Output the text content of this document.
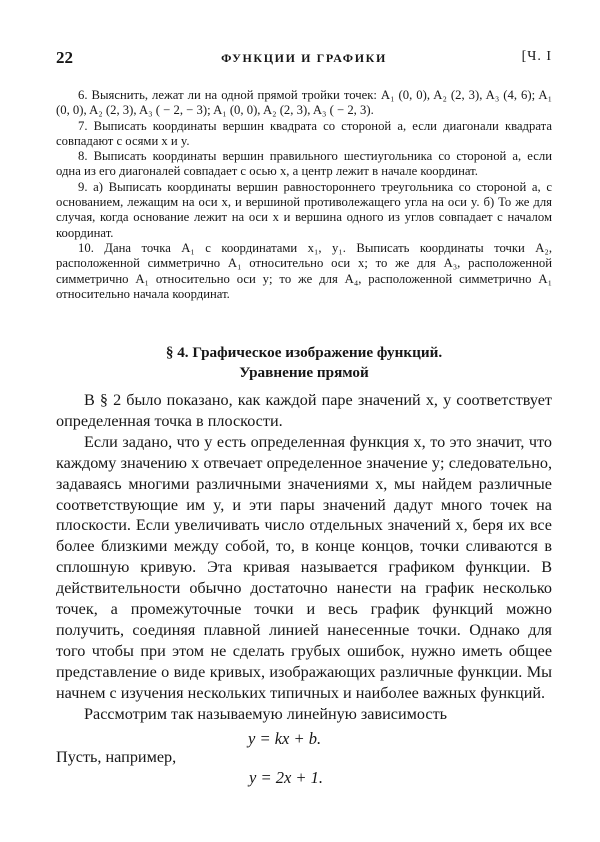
22	ФУНКЦИИ И ГРАФИКИ	[Ч. I

6. Выяснить, лежат ли на одной прямой тройки точек: A₁ (0, 0), A₂ (2, 3), A₃ (4, 6); A₁ (0, 0), A₂ (2, 3), A₃ ( − 2, − 3); A₁ (0, 0), A₂ (2, 3), A₃ ( − 2, 3).

7. Выписать координаты вершин квадрата со стороной a, если диагонали квадрата совпадают с осями x и y.

8. Выписать координаты вершин правильного шестиугольника со стороной a, если одна из его диагоналей совпадает с осью x, а центр лежит в начале координат.

9. а) Выписать координаты вершин равностороннего треугольника со стороной a, с основанием, лежащим на оси x, и вершиной противолежащего угла на оси y. б) То же для случая, когда основание лежит на оси x и вершина одного из углов совпадает с началом координат.

10. Дана точка A₁ с координатами x₁, y₁. Выписать координаты точки A₂, расположенной симметрично A₁ относительно оси x; то же для A₃, расположенной симметрично A₁ относительно оси y; то же для A₄, расположенной симметрично A₁ относительно начала координат.

§ 4. Графическое изображение функций.
Уравнение прямой

В § 2 было показано, как каждой паре значений x, y соответствует определенная точка в плоскости.

Если задано, что y есть определенная функция x, то это значит, что каждому значению x отвечает определенное значение y; следовательно, задаваясь многими различными значениями x, мы найдем различные соответствующие им y, и эти пары значений дадут много точек на плоскости. Если увеличивать число отдельных значений x, беря их все более близкими между собой, то, в конце концов, точки сливаются в сплошную кривую. Эта кривая называется графиком функции. В действительности обычно достаточно нанести на график несколько точек, а промежуточные точки и весь график функций можно получить, соединяя плавной линией нанесенные точки. Однако для того чтобы при этом не сделать грубых ошибок, нужно иметь общее представление о виде кривых, изображающих различные функции. Мы начнем с изучения нескольких типичных и наиболее важных функций.

Рассмотрим так называемую линейную зависимость

y = kx + b.
Пусть, например,
y = 2x + 1.
